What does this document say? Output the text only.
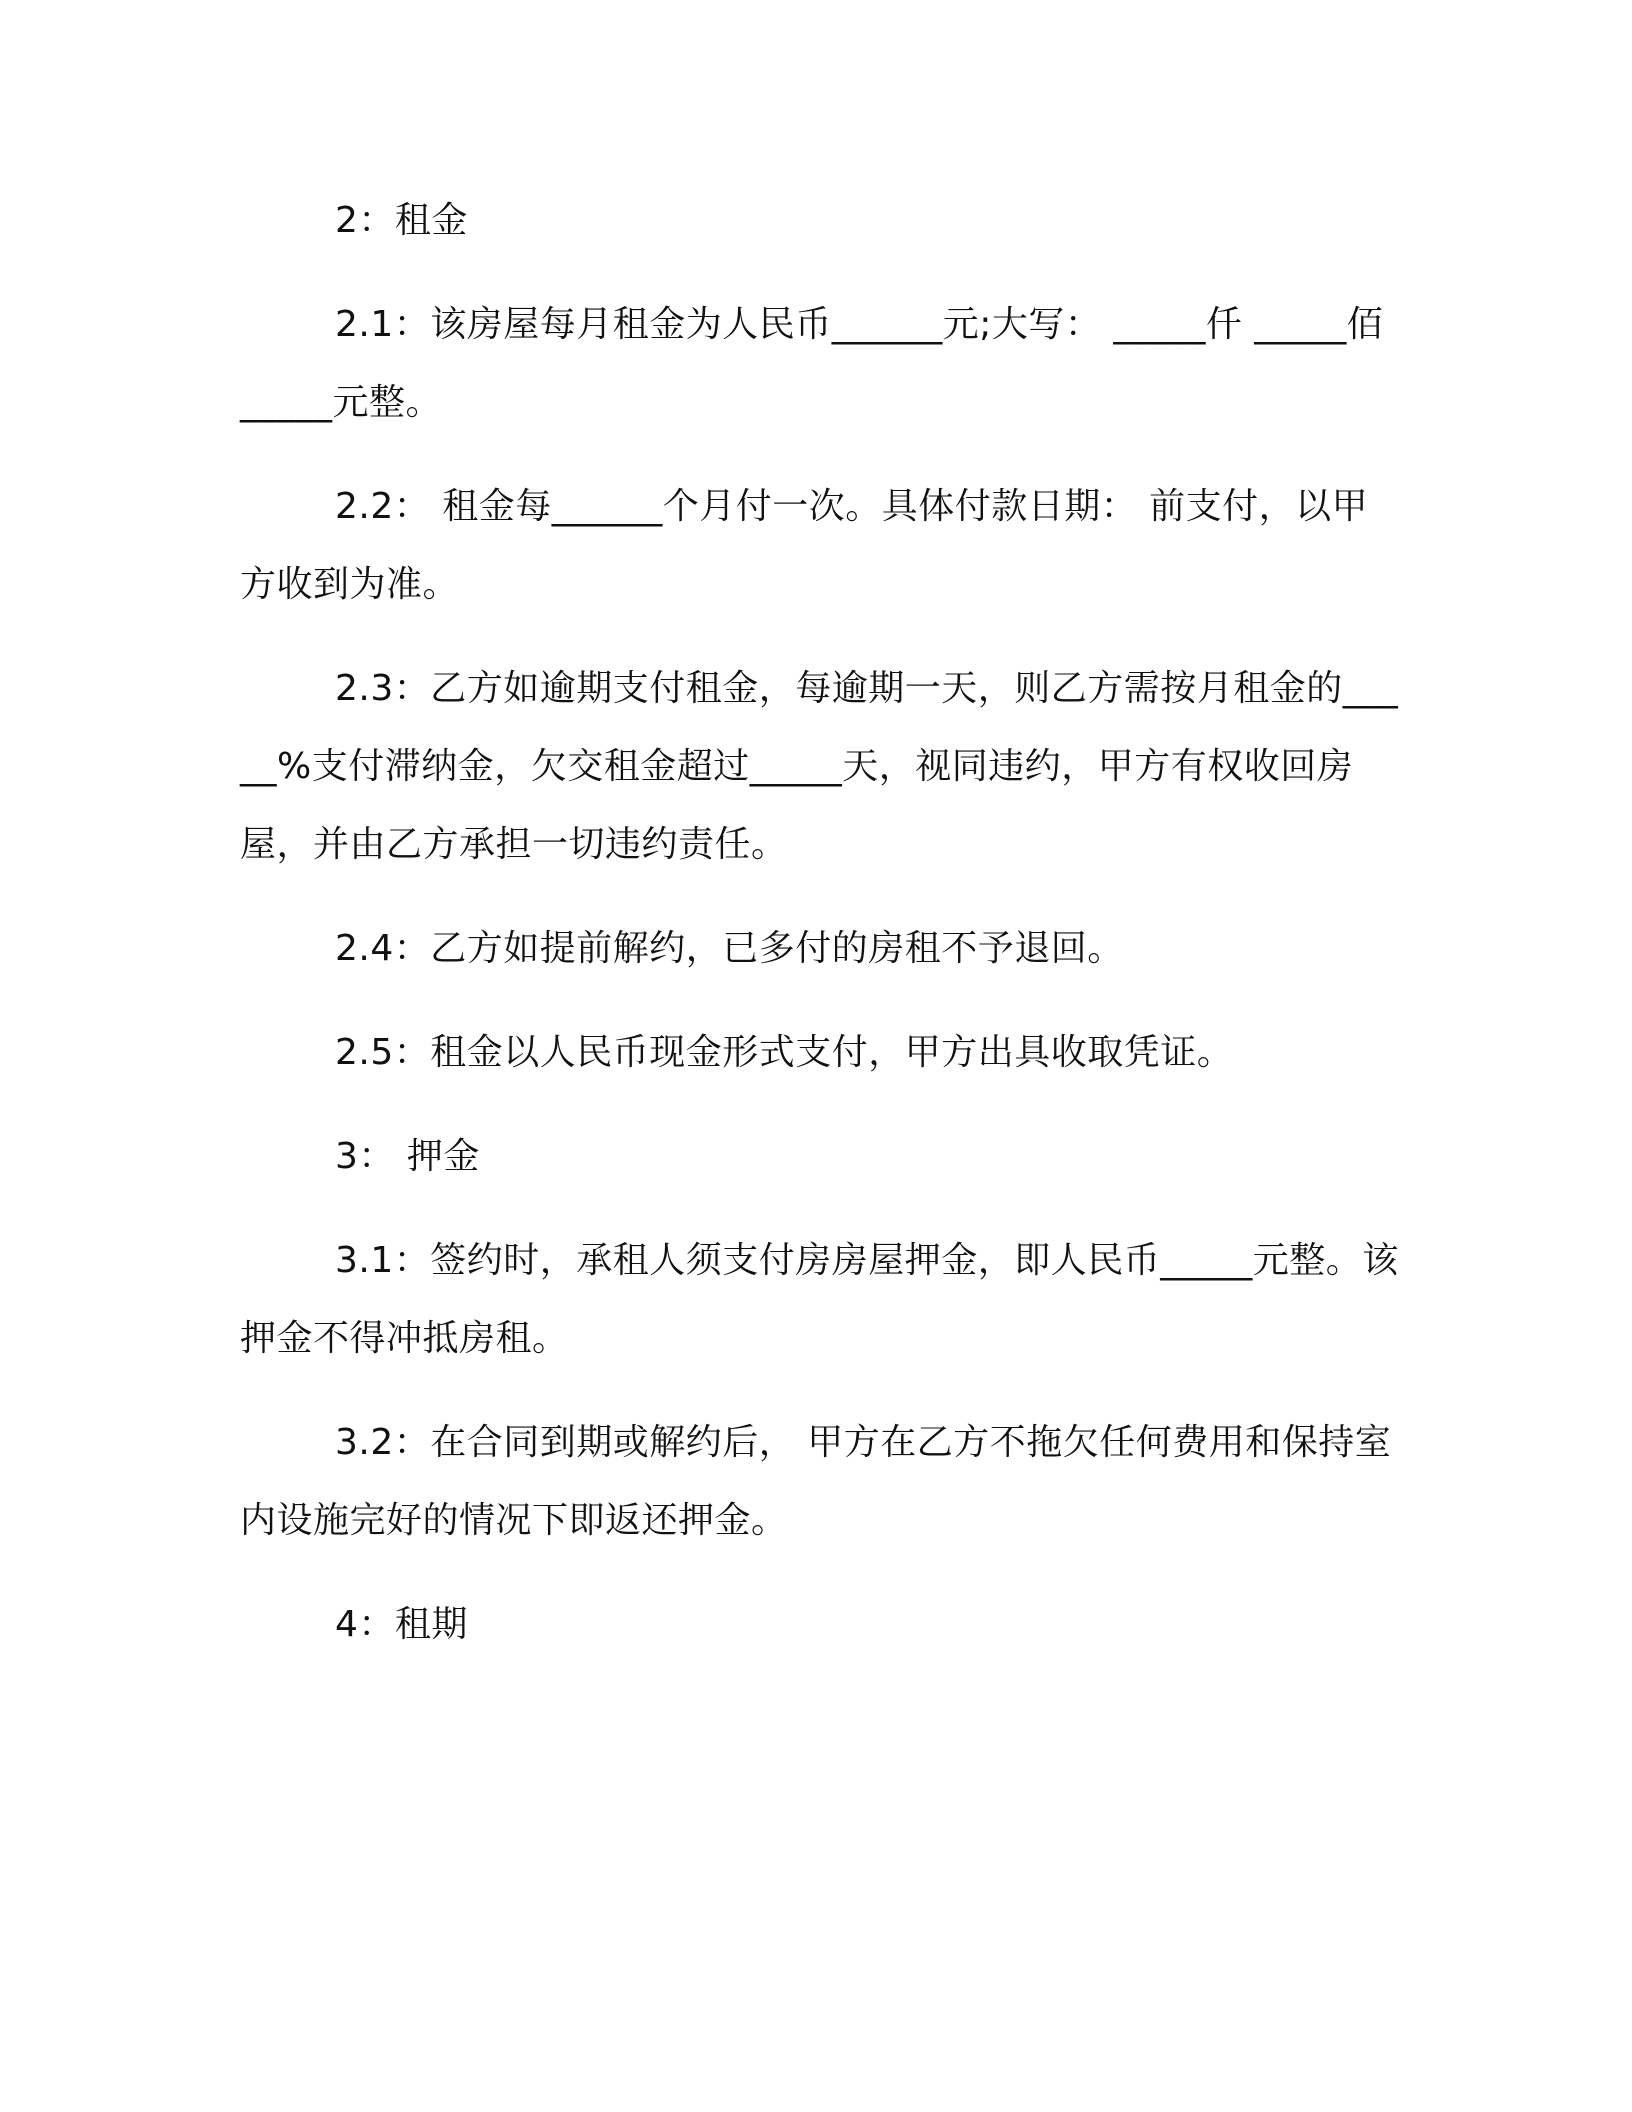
2：租金

2.1：该房屋每月租金为人民币______元;大写： _____仟 _____佰 _____元整。

2.2： 租金每______个月付一次。具体付款日期： 前支付，以甲方收到为准。

2.3：乙方如逾期支付租金，每逾期一天，则乙方需按月租金的_____%支付滞纳金，欠交租金超过_____天，视同违约，甲方有权收回房屋，并由乙方承担一切违约责任。

2.4：乙方如提前解约，已多付的房租不予退回。

2.5：租金以人民币现金形式支付，甲方出具收取凭证。

3： 押金

3.1：签约时，承租人须支付房房屋押金，即人民币_____元整。该押金不得冲抵房租。

3.2：在合同到期或解约后， 甲方在乙方不拖欠任何费用和保持室内设施完好的情况下即返还押金。

4：租期
